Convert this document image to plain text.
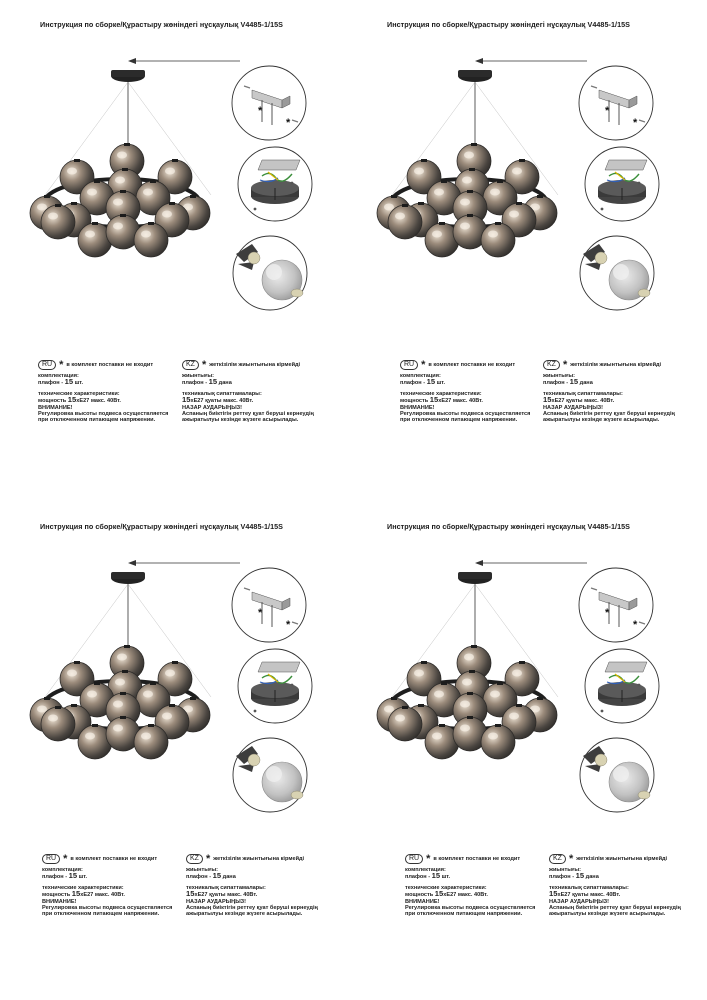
Инструкция по сборке/Құрастыру жөніндегі нұсқаулық V4485-1/15S
RU * в комплект поставки не входит
комплектация:
плафон - 15 шт.
технические характеристики:
мощность 15хE27 макс. 40Вт.
ВНИМАНИЕ!
Регулировка высоты подвеса осуществляется
при отключенном питающем напряжении.
KZ * жеткізілім жиынтығына кірмейді
жиынтығы:
плафон - 15 дана
техникалық сипаттамалары:
15хE27 қуаты макс. 40Вт.
НАЗАР АУДАРЫҢЫЗ!
Аспаның биіктігін реттеу қуат беруші кернеудің
ажыратылуы кезінде жүзеге асырылады.
Инструкция по сборке/Құрастыру жөніндегі нұсқаулық V4485-1/15S
RU * в комплект поставки не входит
комплектация:
плафон - 15 шт.
технические характеристики:
мощность 15хE27 макс. 40Вт.
ВНИМАНИЕ!
Регулировка высоты подвеса осуществляется
при отключенном питающем напряжении.
KZ * жеткізілім жиынтығына кірмейді
жиынтығы:
плафон - 15 дана
техникалық сипаттамалары:
15хE27 қуаты макс. 40Вт.
НАЗАР АУДАРЫҢЫЗ!
Аспаның биіктігін реттеу қуат беруші кернеудің
ажыратылуы кезінде жүзеге асырылады.
Инструкция по сборке/Құрастыру жөніндегі нұсқаулық V4485-1/15S
RU * в комплект поставки не входит
комплектация:
плафон - 15 шт.
технические характеристики:
мощность 15хE27 макс. 40Вт.
ВНИМАНИЕ!
Регулировка высоты подвеса осуществляется
при отключенном питающем напряжении.
KZ * жеткізілім жиынтығына кірмейді
жиынтығы:
плафон - 15 дана
техникалық сипаттамалары:
15хE27 қуаты макс. 40Вт.
НАЗАР АУДАРЫҢЫЗ!
Аспаның биіктігін реттеу қуат беруші кернеудің
ажыратылуы кезінде жүзеге асырылады.
Инструкция по сборке/Құрастыру жөніндегі нұсқаулық V4485-1/15S
RU * в комплект поставки не входит
комплектация:
плафон - 15 шт.
технические характеристики:
мощность 15хE27 макс. 40Вт.
ВНИМАНИЕ!
Регулировка высоты подвеса осуществляется
при отключенном питающем напряжении.
KZ * жеткізілім жиынтығына кірмейді
жиынтығы:
плафон - 15 дана
техникалық сипаттамалары:
15хE27 қуаты макс. 40Вт.
НАЗАР АУДАРЫҢЫЗ!
Аспаның биіктігін реттеу қуат беруші кернеудің
ажыратылуы кезінде жүзеге асырылады.
